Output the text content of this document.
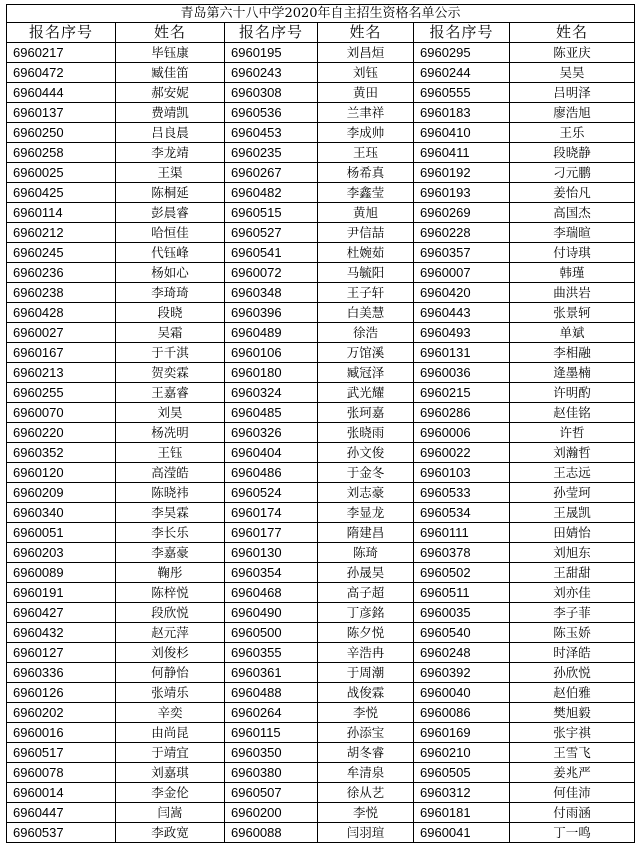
青岛第六十八中学2020年自主招生资格名单公示					
报名序号	姓名	报名序号	姓名	报名序号	姓名
6960217	毕钰康	6960195	刘昌烜	6960295	陈亚庆
6960472	臧佳笛	6960243	刘钰	6960244	吴昊
6960444	郝安妮	6960308	黄田	6960555	吕明泽
6960137	费靖凯	6960536	兰聿祥	6960183	廖浩旭
6960250	吕良晨	6960453	李成帅	6960410	王乐
6960258	李龙靖	6960235	王珏	6960411	段晓静
6960025	王渠	6960267	杨希真	6960192	刁元鹏
6960425	陈桐延	6960482	李鑫莹	6960193	姜怡凡
6960114	彭晨睿	6960515	黄旭	6960269	高国杰
6960212	哈恒佳	6960527	尹信喆	6960228	李瑞暄
6960245	代钰峰	6960541	杜婉茹	6960357	付诗琪
6960236	杨如心	6960072	马毓阳	6960007	韩瑾
6960238	李琦琦	6960348	王子轩	6960420	曲洪岩
6960428	段晓	6960396	白美慧	6960443	张景轲
6960027	吴霜	6960489	徐浩	6960493	单斌
6960167	于千淇	6960106	万馆溪	6960131	李相融
6960213	贺奕霖	6960180	臧冠泽	6960036	逄墨楠
6960255	王嘉睿	6960324	武光耀	6960215	许明酌
6960070	刘昊	6960485	张珂嘉	6960286	赵佳铭
6960220	杨冼明	6960326	张晓雨	6960006	许哲
6960352	王钰	6960404	孙文俊	6960022	刘瀚哲
6960120	高滢皓	6960486	于金冬	6960103	王志远
6960209	陈晓祎	6960524	刘志豪	6960533	孙莹珂
6960340	李昊霖	6960174	李显龙	6960534	王晟凯
6960051	李长乐	6960177	隋建昌	6960111	田婧怡
6960203	李嘉豪	6960130	陈琦	6960378	刘旭东
6960089	鞠彤	6960354	孙晟昊	6960502	王甜甜
6960191	陈梓悦	6960468	高子超	6960511	刘亦佳
6960427	段欣悦	6960490	丁彦銘	6960035	李子菲
6960432	赵元萍	6960500	陈夕悦	6960540	陈玉娇
6960127	刘俊杉	6960355	辛浩冉	6960248	时泽皓
6960336	何静怡	6960361	于周潮	6960392	孙欣悦
6960126	张靖乐	6960488	战俊霖	6960040	赵伯雅
6960202	辛奕	6960264	李悦	6960086	樊旭毅
6960016	由尚昆	6960115	孙添宝	6960169	张宇祺
6960517	于靖宜	6960350	胡冬睿	6960210	王雪飞
6960078	刘嘉琪	6960380	牟清泉	6960505	姜兆严
6960014	李金伦	6960507	徐从艺	6960312	何佳沛
6960447	闫嵩	6960200	李悦	6960181	付雨涵
6960537	李政宽	6960088	闫羽瑄	6960041	丁一鸣
